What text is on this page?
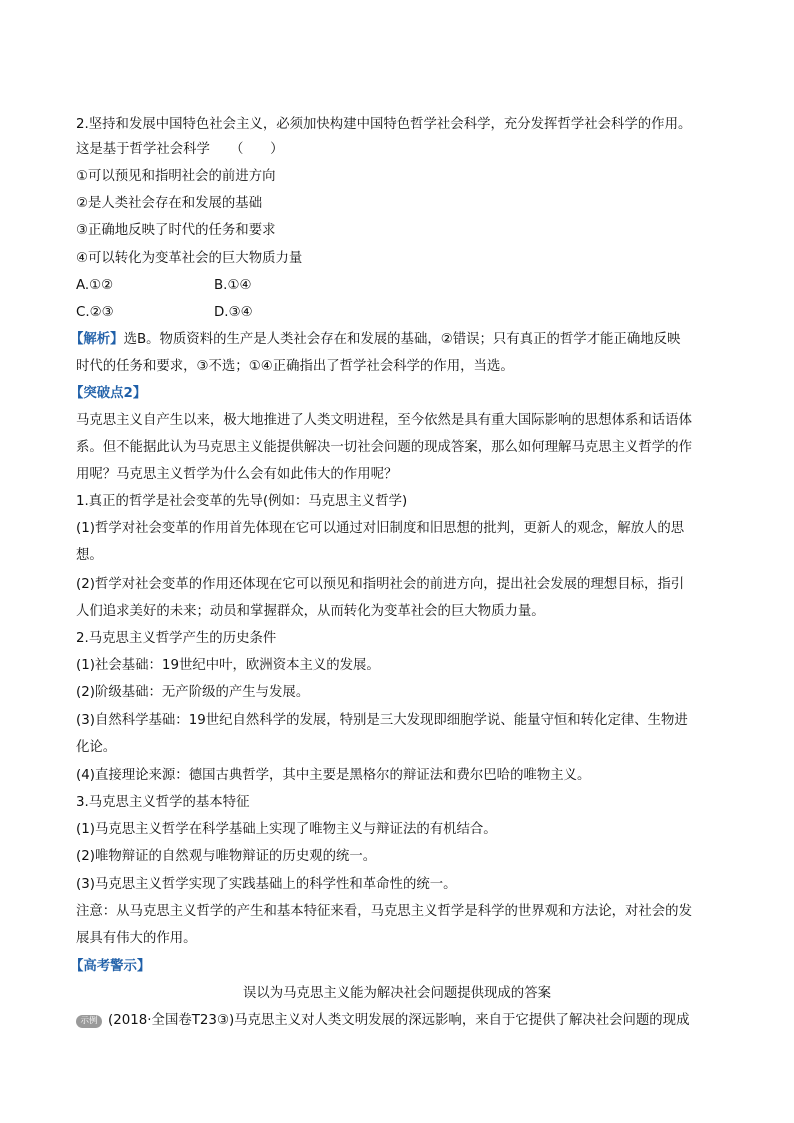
2.坚持和发展中国特色社会主义，必须加快构建中国特色哲学社会科学，充分发挥哲学社会科学的作用。
这是基于哲学社会科学　　（　　）
①可以预见和指明社会的前进方向
②是人类社会存在和发展的基础
③正确地反映了时代的任务和要求
④可以转化为变革社会的巨大物质力量
A.①②	B.①④
C.②③	D.③④
【解析】选B。物质资料的生产是人类社会存在和发展的基础，②错误；只有真正的哲学才能正确地反映
时代的任务和要求，③不选；①④正确指出了哲学社会科学的作用，当选。
【突破点2】
马克思主义自产生以来，极大地推进了人类文明进程，至今依然是具有重大国际影响的思想体系和话语体
系。但不能据此认为马克思主义能提供解决一切社会问题的现成答案，那么如何理解马克思主义哲学的作
用呢？马克思主义哲学为什么会有如此伟大的作用呢？
1.真正的哲学是社会变革的先导(例如：马克思主义哲学)
(1)哲学对社会变革的作用首先体现在它可以通过对旧制度和旧思想的批判，更新人的观念，解放人的思
想。
(2)哲学对社会变革的作用还体现在它可以预见和指明社会的前进方向，提出社会发展的理想目标，指引
人们追求美好的未来；动员和掌握群众，从而转化为变革社会的巨大物质力量。
2.马克思主义哲学产生的历史条件
(1)社会基础：19世纪中叶，欧洲资本主义的发展。
(2)阶级基础：无产阶级的产生与发展。
(3)自然科学基础：19世纪自然科学的发展，特别是三大发现即细胞学说、能量守恒和转化定律、生物进
化论。
(4)直接理论来源：德国古典哲学，其中主要是黑格尔的辩证法和费尔巴哈的唯物主义。
3.马克思主义哲学的基本特征
(1)马克思主义哲学在科学基础上实现了唯物主义与辩证法的有机结合。
(2)唯物辩证的自然观与唯物辩证的历史观的统一。
(3)马克思主义哲学实现了实践基础上的科学性和革命性的统一。
注意：从马克思主义哲学的产生和基本特征来看，马克思主义哲学是科学的世界观和方法论，对社会的发
展具有伟大的作用。
【高考警示】
误以为马克思主义能为解决社会问题提供现成的答案
示例 (2018·全国卷T23③)马克思主义对人类文明发展的深远影响，来自于它提供了解决社会问题的现成
